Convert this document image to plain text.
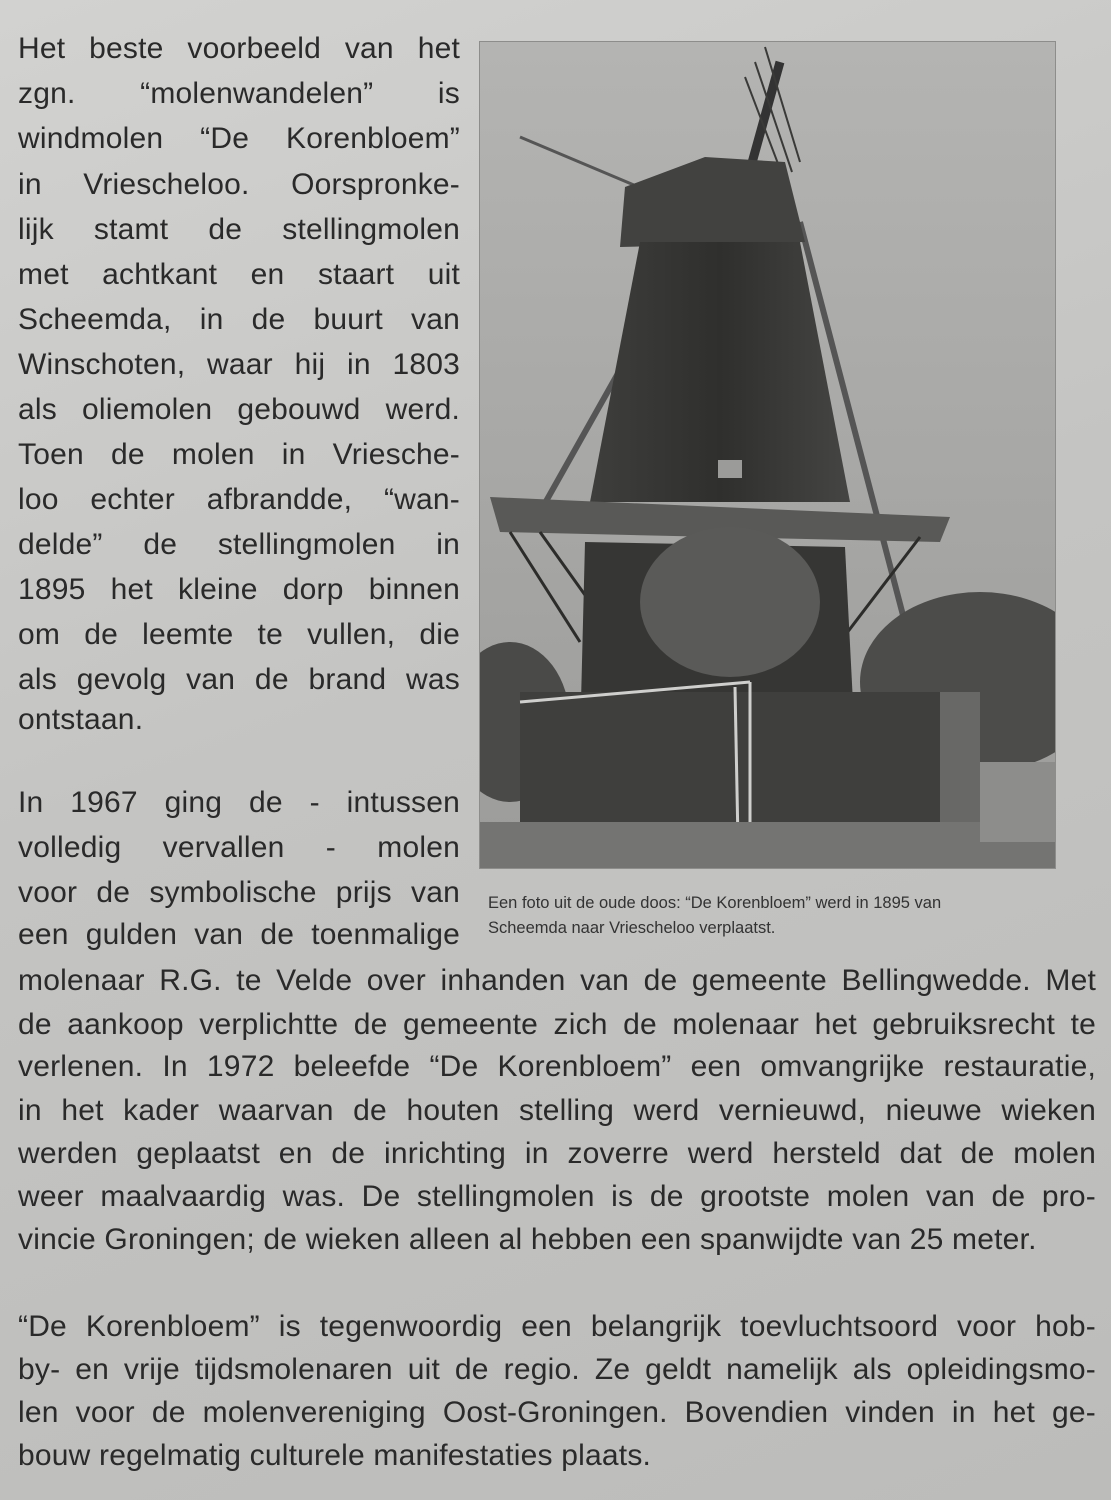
Het beste voorbeeld van het

zgn. “molenwandelen” is

windmolen “De Korenbloem”

in Vriescheloo. Oorspronke-

lijk stamt de stellingmolen

met achtkant en staart uit

Scheemda, in de buurt van

Winschoten, waar hij in 1803

als oliemolen gebouwd werd.

Toen de molen in Vriesche-

loo echter afbrandde, “wan-

delde” de stellingmolen in

1895 het kleine dorp binnen

om de leemte te vullen, die

als gevolg van de brand was

ontstaan.

Een foto uit de oude doos: “De Korenbloem” werd in 1895 van

Scheemda naar Vriescheloo verplaatst.

In 1967 ging de - intussen

volledig vervallen - molen

voor de symbolische prijs van

een gulden van de toenmalige

molenaar R.G. te Velde over inhanden van de gemeente Bellingwedde. Met

de aankoop verplichtte de gemeente zich de molenaar het gebruiksrecht te

verlenen. In 1972 beleefde “De Korenbloem” een omvangrijke restauratie,

in het kader waarvan de houten stelling werd vernieuwd, nieuwe wieken

werden geplaatst en de inrichting in zoverre werd hersteld dat de molen

weer maalvaardig was. De stellingmolen is de grootste molen van de pro-

vincie Groningen; de wieken alleen al hebben een spanwijdte van 25 meter.

“De Korenbloem” is tegenwoordig een belangrijk toevluchtsoord voor hob-

by- en vrije tijdsmolenaren uit de regio. Ze geldt namelijk als opleidingsmo-

len voor de molenvereniging Oost-Groningen. Bovendien vinden in het ge-

bouw regelmatig culturele manifestaties plaats.
